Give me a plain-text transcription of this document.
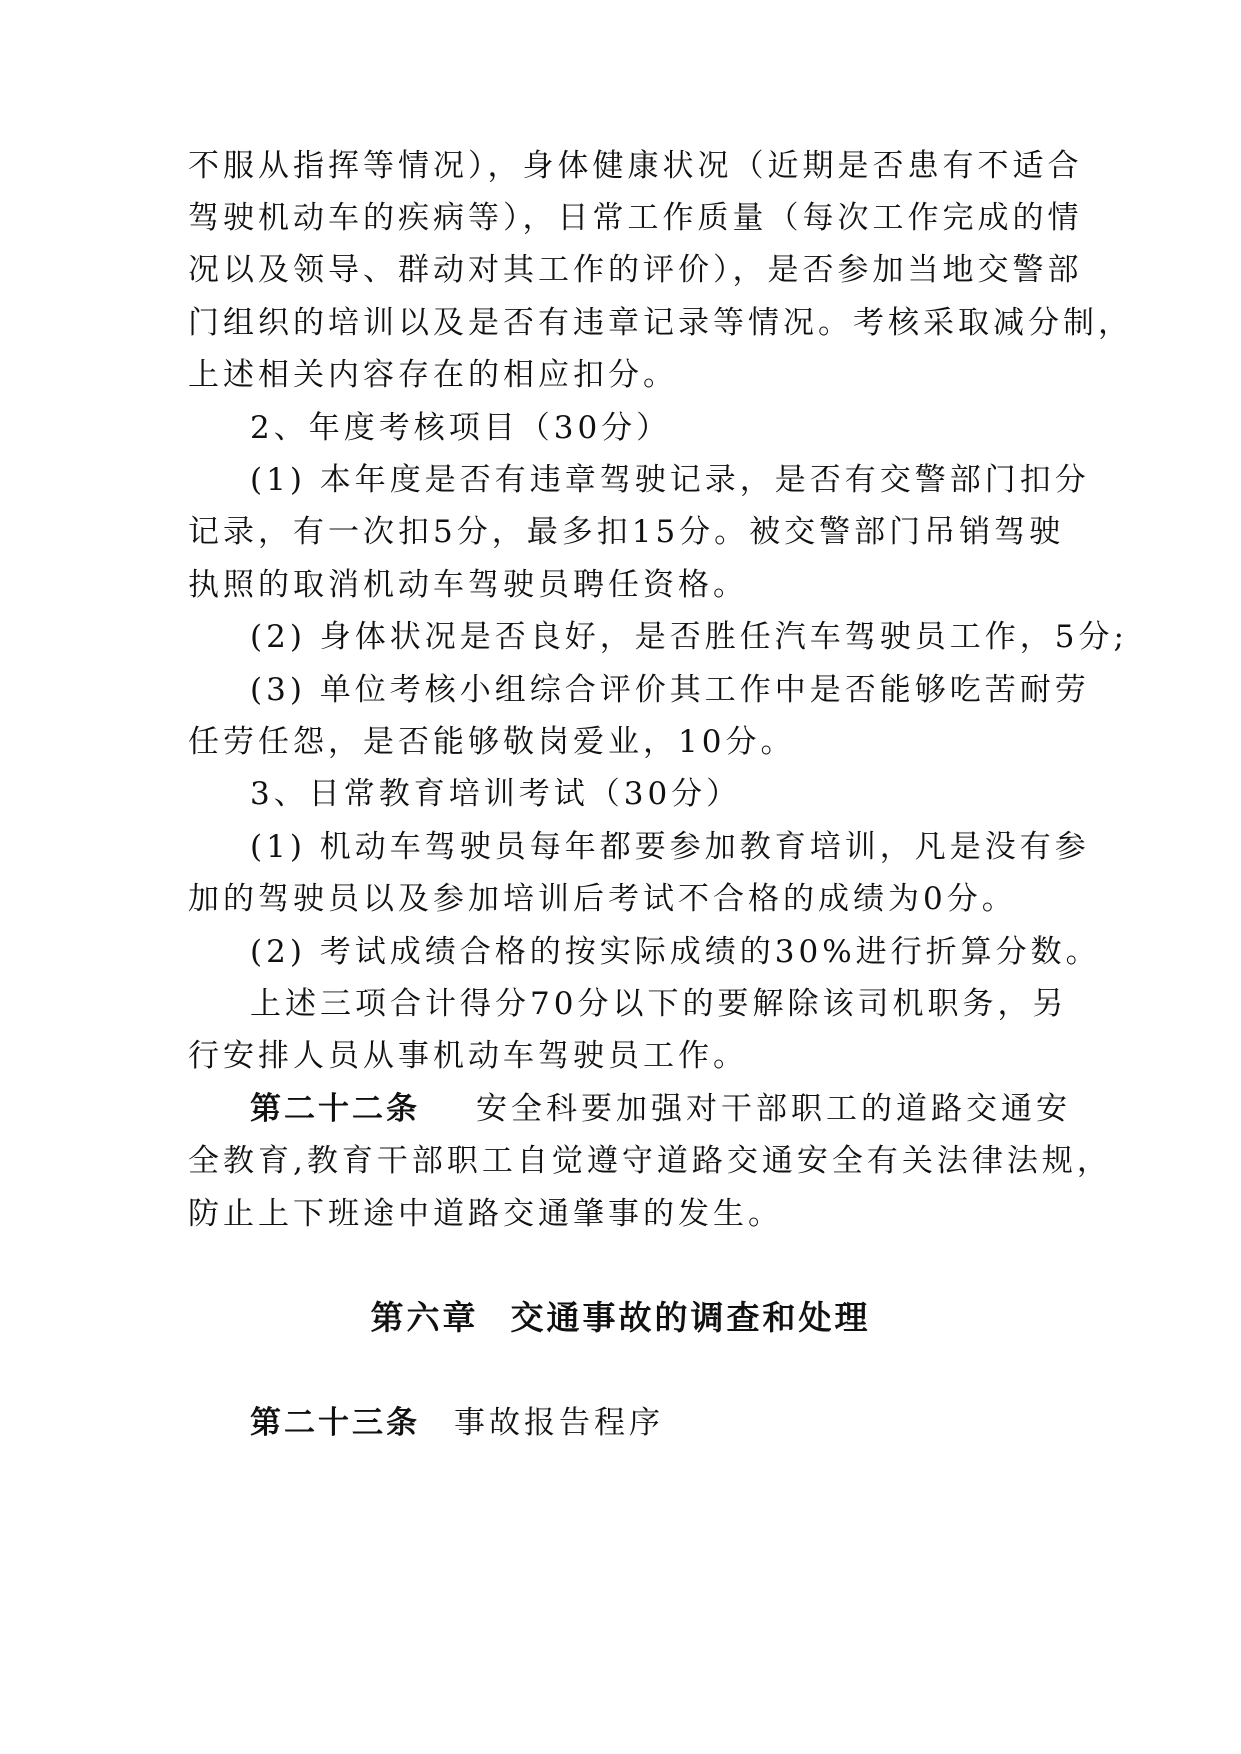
不服从指挥等情况），身体健康状况（近期是否患有不适合
驾驶机动车的疾病等），日常工作质量（每次工作完成的情
况以及领导、群动对其工作的评价），是否参加当地交警部
门组织的培训以及是否有违章记录等情况。考核采取减分制，
上述相关内容存在的相应扣分。
2、年度考核项目（30分）
(1) 本年度是否有违章驾驶记录，是否有交警部门扣分
记录，有一次扣5分，最多扣15分。被交警部门吊销驾驶
执照的取消机动车驾驶员聘任资格。
(2) 身体状况是否良好，是否胜任汽车驾驶员工作，5分;
(3) 单位考核小组综合评价其工作中是否能够吃苦耐劳
任劳任怨，是否能够敬岗爱业，10分。
3、日常教育培训考试（30分）
(1) 机动车驾驶员每年都要参加教育培训，凡是没有参
加的驾驶员以及参加培训后考试不合格的成绩为0分。
(2) 考试成绩合格的按实际成绩的30%进行折算分数。
上述三项合计得分70分以下的要解除该司机职务，另
行安排人员从事机动车驾驶员工作。
第二十二条 安全科要加强对干部职工的道路交通安
全教育,教育干部职工自觉遵守道路交通安全有关法律法规，
防止上下班途中道路交通肇事的发生。
第六章 交通事故的调查和处理
第二十三条 事故报告程序
